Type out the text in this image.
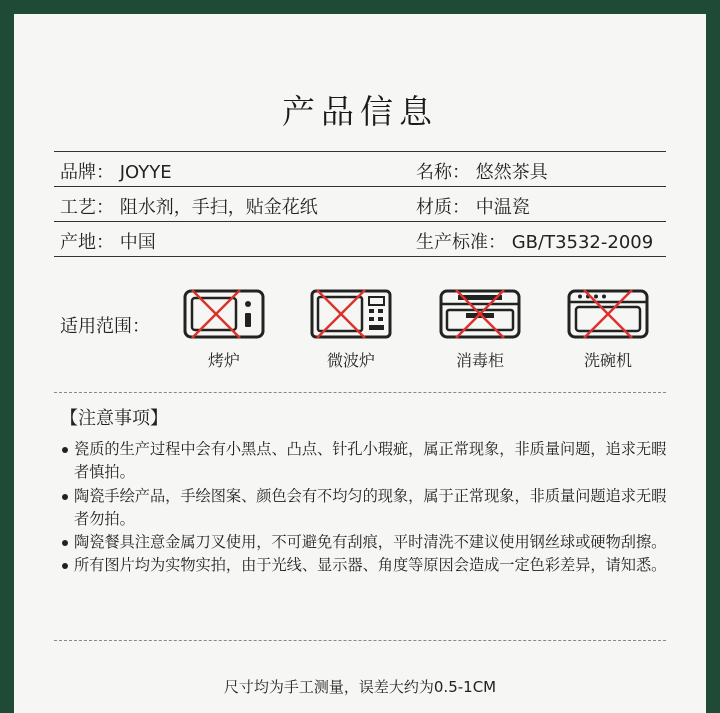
产品信息
品牌： JOYYE	名称： 悠然茶具
工艺： 阻水剂，手扫，贴金花纸	材质： 中温瓷
产地： 中国	生产标准： GB/T3532-2009
适用范围：
烤炉	微波炉	消毒柜	洗碗机
【注意事项】
瓷质的生产过程中会有小黑点、凸点、针孔小瑕疵，属正常现象，非质量问题，追求无暇者慎拍。
陶瓷手绘产品，手绘图案、颜色会有不均匀的现象，属于正常现象，非质量问题追求无暇者勿拍。
陶瓷餐具注意金属刀叉使用，不可避免有刮痕，平时清洗不建议使用钢丝球或硬物刮擦。
所有图片均为实物实拍，由于光线、显示器、角度等原因会造成一定色彩差异，请知悉。
尺寸均为手工测量，误差大约为0.5-1CM
